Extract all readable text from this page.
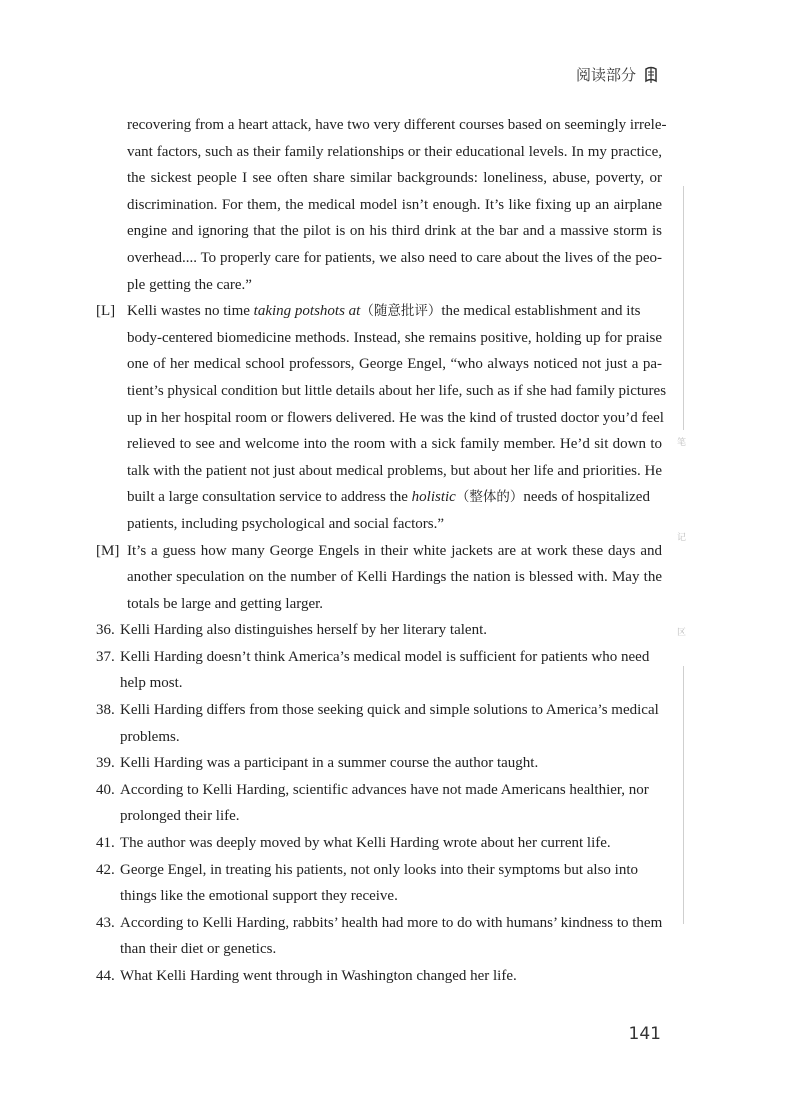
阅读部分
笔
记
区
recovering from a heart attack, have two very different courses based on seemingly irrele-
vant factors, such as their family relationships or their educational levels. In my practice,
the sickest people I see often share similar backgrounds: loneliness, abuse, poverty, or
discrimination. For them, the medical model isn’t enough. It’s like fixing up an airplane
engine and ignoring that the pilot is on his third drink at the bar and a massive storm is
overhead.... To properly care for patients, we also need to care about the lives of the peo-
ple getting the care.”
[L] Kelli wastes no time taking potshots at（随意批评）the medical establishment and its
body-centered biomedicine methods. Instead, she remains positive, holding up for praise
one of her medical school professors, George Engel, “who always noticed not just a pa-
tient’s physical condition but little details about her life, such as if she had family pictures
up in her hospital room or flowers delivered. He was the kind of trusted doctor you’d feel
relieved to see and welcome into the room with a sick family member. He’d sit down to
talk with the patient not just about medical problems, but about her life and priorities. He
built a large consultation service to address the holistic（整体的）needs of hospitalized
patients, including psychological and social factors.”
[M] It’s a guess how many George Engels in their white jackets are at work these days and
another speculation on the number of Kelli Hardings the nation is blessed with. May the
totals be large and getting larger.
36. Kelli Harding also distinguishes herself by her literary talent.
37. Kelli Harding doesn’t think America’s medical model is sufficient for patients who need
help most.
38. Kelli Harding differs from those seeking quick and simple solutions to America’s medical
problems.
39. Kelli Harding was a participant in a summer course the author taught.
40. According to Kelli Harding, scientific advances have not made Americans healthier, nor
prolonged their life.
41. The author was deeply moved by what Kelli Harding wrote about her current life.
42. George Engel, in treating his patients, not only looks into their symptoms but also into
things like the emotional support they receive.
43. According to Kelli Harding, rabbits’ health had more to do with humans’ kindness to them
than their diet or genetics.
44. What Kelli Harding went through in Washington changed her life.
141
